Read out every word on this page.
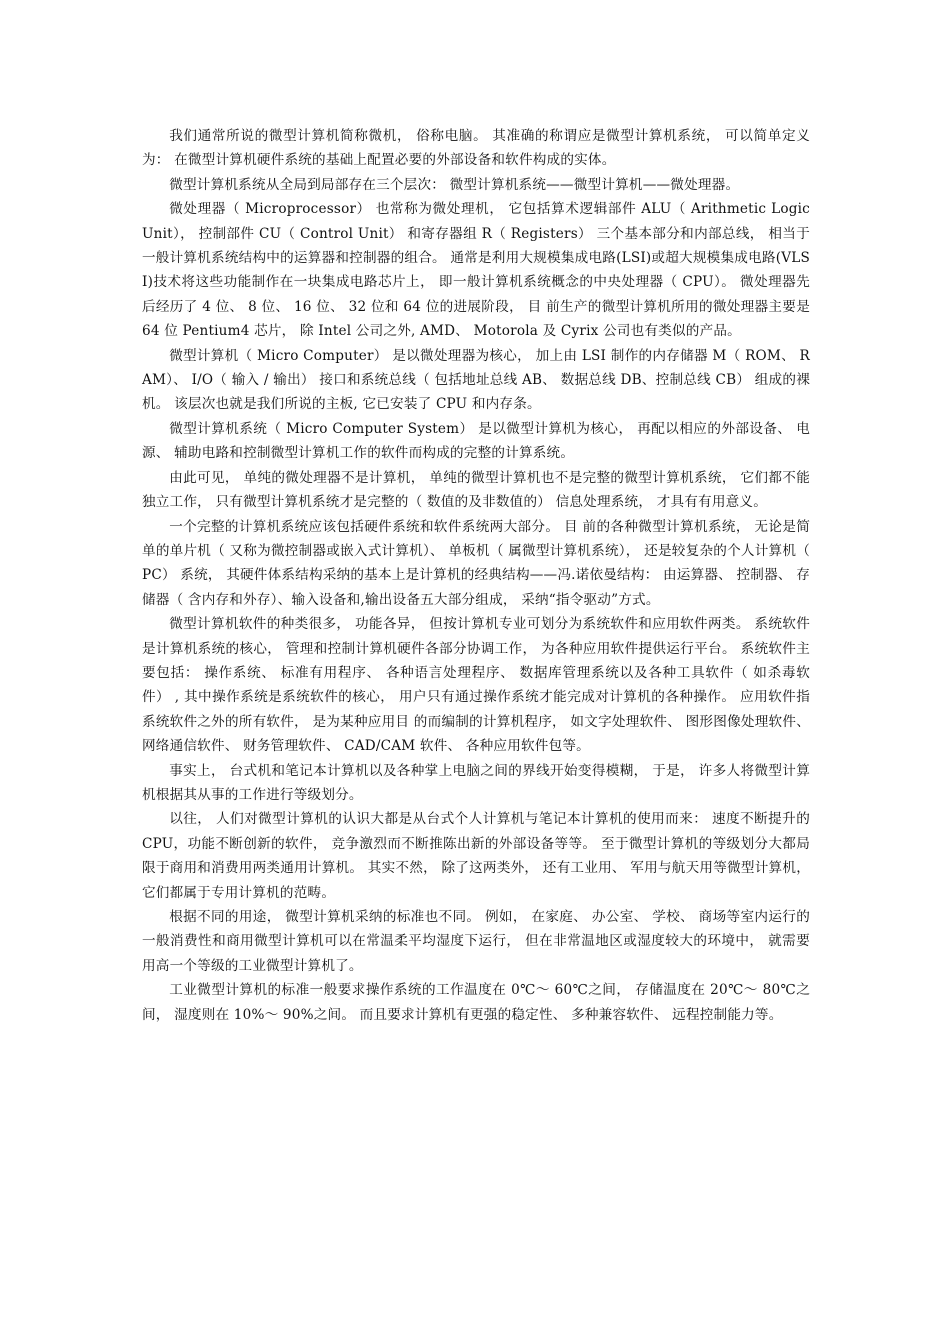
我们通常所说的微型计算机简称微机， 俗称电脑。 其准确的称谓应是微型计算机系统， 可以简单定义为： 在微型计算机硬件系统的基础上配置必要的外部设备和软件构成的实体。

微型计算机系统从全局到局部存在三个层次： 微型计算机系统——微型计算机——微处理器。

微处理器（ Microprocessor） 也常称为微处理机， 它包括算术逻辑部件 ALU（ Arithmetic Logic Unit）， 控制部件 CU（ Control Unit） 和寄存器组 R（ Registers） 三个基本部分和内部总线， 相当于一般计算机系统结构中的运算器和控制器的组合。 通常是利用大规模集成电路(LSI)或超大规模集成电路(VLSI)技术将这些功能制作在一块集成电路芯片上， 即一般计算机系统概念的中央处理器（ CPU）。 微处理器先后经历了 4 位、 8 位、 16 位、 32 位和 64 位的进展阶段， 目 前生产的微型计算机所用的微处理器主要是 64 位 Pentium4 芯片， 除 Intel 公司之外, AMD、 Motorola 及 Cyrix 公司也有类似的产品。

微型计算机（ Micro Computer） 是以微处理器为核心， 加上由 LSI 制作的内存储器 M（ ROM、 RAM）、 I/O（ 输入 / 输出） 接口和系统总线（ 包括地址总线 AB、 数据总线 DB、控制总线 CB） 组成的裸机。 该层次也就是我们所说的主板, 它已安装了 CPU 和内存条。

微型计算机系统（ Micro Computer System） 是以微型计算机为核心， 再配以相应的外部设备、 电源、 辅助电路和控制微型计算机工作的软件而构成的完整的计算系统。

由此可见， 单纯的微处理器不是计算机， 单纯的微型计算机也不是完整的微型计算机系统， 它们都不能独立工作， 只有微型计算机系统才是完整的（ 数值的及非数值的） 信息处理系统， 才具有有用意义。

一个完整的计算机系统应该包括硬件系统和软件系统两大部分。 目 前的各种微型计算机系统， 无论是简单的单片机（ 又称为微控制器或嵌入式计算机）、 单板机（ 属微型计算机系统）， 还是较复杂的个人计算机（ PC） 系统， 其硬件体系结构采纳的基本上是计算机的经典结构——冯.诺依曼结构： 由运算器、 控制器、 存储器（ 含内存和外存）、输入设备和,输出设备五大部分组成， 采纳“指令驱动”方式。

微型计算机软件的种类很多， 功能各异， 但按计算机专业可划分为系统软件和应用软件两类。 系统软件是计算机系统的核心， 管理和控制计算机硬件各部分协调工作， 为各种应用软件提供运行平台。 系统软件主要包括： 操作系统、 标准有用程序、 各种语言处理程序、 数据库管理系统以及各种工具软件（ 如杀毒软件） , 其中操作系统是系统软件的核心， 用户只有通过操作系统才能完成对计算机的各种操作。 应用软件指系统软件之外的所有软件， 是为某种应用目 的而编制的计算机程序， 如文字处理软件、 图形图像处理软件、 网络通信软件、 财务管理软件、 CAD/CAM 软件、 各种应用软件包等。

事实上， 台式机和笔记本计算机以及各种掌上电脑之间的界线开始变得模糊， 于是， 许多人将微型计算机根据其从事的工作进行等级划分。

以往， 人们对微型计算机的认识大都是从台式个人计算机与笔记本计算机的使用而来： 速度不断提升的 CPU，功能不断创新的软件， 竞争激烈而不断推陈出新的外部设备等等。 至于微型计算机的等级划分大都局限于商用和消费用两类通用计算机。 其实不然， 除了这两类外， 还有工业用、 军用与航天用等微型计算机， 它们都属于专用计算机的范畴。

根据不同的用途， 微型计算机采纳的标准也不同。 例如， 在家庭、 办公室、 学校、 商场等室内运行的一般消费性和商用微型计算机可以在常温柔平均湿度下运行， 但在非常温地区或湿度较大的环境中， 就需要用高一个等级的工业微型计算机了。

工业微型计算机的标准一般要求操作系统的工作温度在 0℃～ 60℃之间， 存储温度在 20℃～ 80℃之间， 湿度则在 10%～ 90%之间。 而且要求计算机有更强的稳定性、 多种兼容软件、 远程控制能力等。
